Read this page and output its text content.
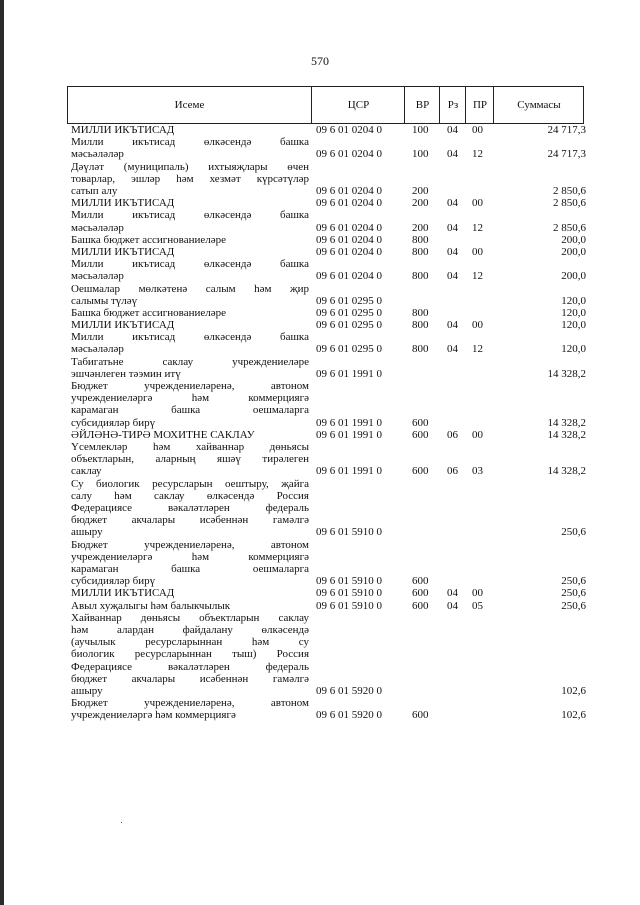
570
Исеме	ЦСР	ВР	Рз	ПР	Суммасы
МИЛЛИ ИКЪТИСАД	09 6 01 0204 0	100 04 00	24 717,3
Милли икътисад өлкәсендә башка
мәсьәләләр	09 6 01 0204 0	100 04 12	24 717,3
Дәүләт (муниципаль) ихтыяҗлары өчен
товарлар, эшләр һәм хезмәт күрсәтүләр
сатып алу	09 6 01 0204 0	200	2 850,6
МИЛЛИ ИКЪТИСАД	09 6 01 0204 0	200 04 00	2 850,6
Милли икътисад өлкәсендә башка
мәсьәләләр	09 6 01 0204 0	200 04 12	2 850,6
Башка бюджет ассигнованиеләре	09 6 01 0204 0	800	200,0
МИЛЛИ ИКЪТИСАД	09 6 01 0204 0	800 04 00	200,0
Милли икътисад өлкәсендә башка
мәсьәләләр	09 6 01 0204 0	800 04 12	200,0
Оешмалар мөлкәтенә салым һәм җир
салымы түләү	09 6 01 0295 0	120,0
Башка бюджет ассигнованиеләре	09 6 01 0295 0	800	120,0
МИЛЛИ ИКЪТИСАД	09 6 01 0295 0	800 04 00	120,0
Милли икътисад өлкәсендә башка
мәсьәләләр	09 6 01 0295 0	800 04 12	120,0
Табигатьне саклау учреждениеләре
эшчәнлеген тәэмин итү	09 6 01 1991 0	14 328,2
Бюджет учреждениеләренә, автоном
учреждениеләргә һәм коммерциягә
карамаган башка оешмаларга
субсидияләр бирү	09 6 01 1991 0	600	14 328,2
ӘЙЛӘНӘ-ТИРӘ МОХИТНЕ САКЛАУ	09 6 01 1991 0	600 06 00	14 328,2
Үсемлекләр һәм хайваннар дөньясы
объектларын, аларның яшәү тирәлеген
саклау	09 6 01 1991 0	600 06 03	14 328,2
Су биологик ресурсларын оештыру, җайга
салу һәм саклау өлкәсендә Россия
Федерациясе вәкаләтләрен федераль
бюджет акчалары исәбеннән гамәлгә
ашыру	09 6 01 5910 0	250,6
Бюджет учреждениеләренә, автоном
учреждениеләргә һәм коммерциягә
карамаган башка оешмаларга
субсидияләр бирү	09 6 01 5910 0	600	250,6
МИЛЛИ ИКЪТИСАД	09 6 01 5910 0	600 04 00	250,6
Авыл хуҗалыгы һәм балыкчылык	09 6 01 5910 0	600 04 05	250,6
Хайваннар дөньясы объектларын саклау
һәм алардан файдалану өлкәсендә
(аучылык ресурсларыннан һәм су
биологик ресурсларыннан тыш) Россия
Федерациясе вәкаләтләрен федераль
бюджет акчалары исәбеннән гамәлгә
ашыру	09 6 01 5920 0	102,6
Бюджет учреждениеләренә, автоном
учреждениеләргә һәм коммерциягә	09 6 01 5920 0	600	102,6
